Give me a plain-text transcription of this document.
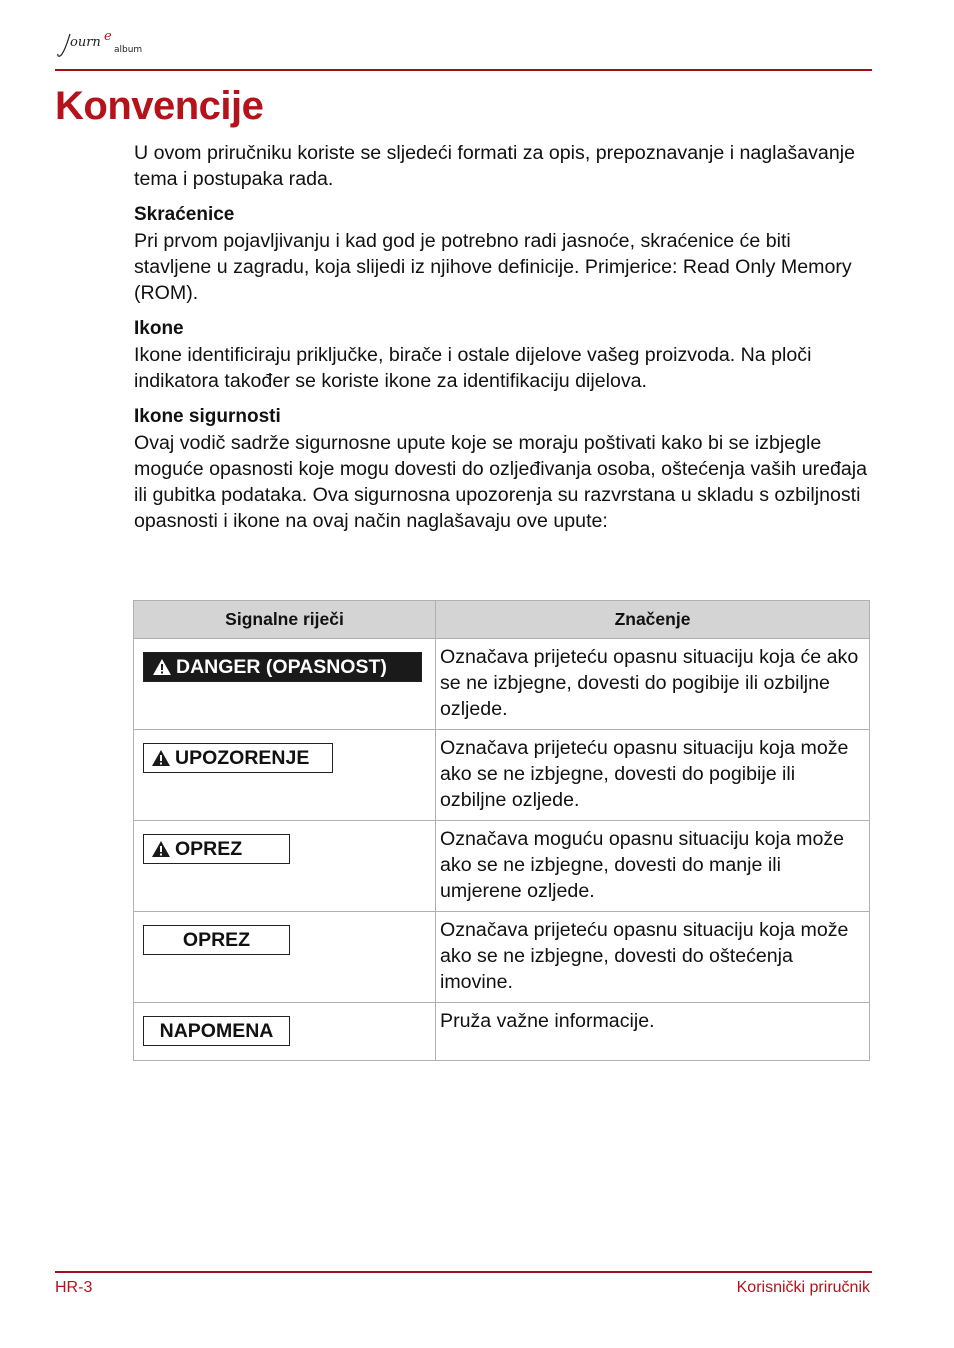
ourn e
album
Konvencije

U ovom priručniku koriste se sljedeći formati za opis, prepoznavanje i naglašavanje tema i postupaka rada.

Skraćenice

Pri prvom pojavljivanju i kad god je potrebno radi jasnoće, skraćenice će biti stavljene u zagradu, koja slijedi iz njihove definicije. Primjerice: Read Only Memory (ROM).

Ikone

Ikone identificiraju priključke, birače i ostale dijelove vašeg proizvoda. Na ploči indikatora također se koriste ikone za identifikaciju dijelova.

Ikone sigurnosti

Ovaj vodič sadrže sigurnosne upute koje se moraju poštivati kako bi se izbjegle moguće opasnosti koje mogu dovesti do ozljeđivanja osoba, oštećenja vaših uređaja ili gubitka podataka. Ova sigurnosna upozorenja su razvrstana u skladu s ozbiljnosti opasnosti i ikone na ovaj način naglašavaju ove upute:

Signalne riječi	Značenje
DANGER (OPASNOST)	Označava prijeteću opasnu situaciju koja će ako se ne izbjegne, dovesti do pogibije ili ozbiljne ozljede.
UPOZORENJE	Označava prijeteću opasnu situaciju koja može ako se ne izbjegne, dovesti do pogibije ili ozbiljne ozljede.
OPREZ	Označava moguću opasnu situaciju koja može ako se ne izbjegne, dovesti do manje ili umjerene ozljede.
OPREZ	Označava prijeteću opasnu situaciju koja može ako se ne izbjegne, dovesti do oštećenja imovine.
NAPOMENA	Pruža važne informacije.
HR-3	Korisnički priručnik
